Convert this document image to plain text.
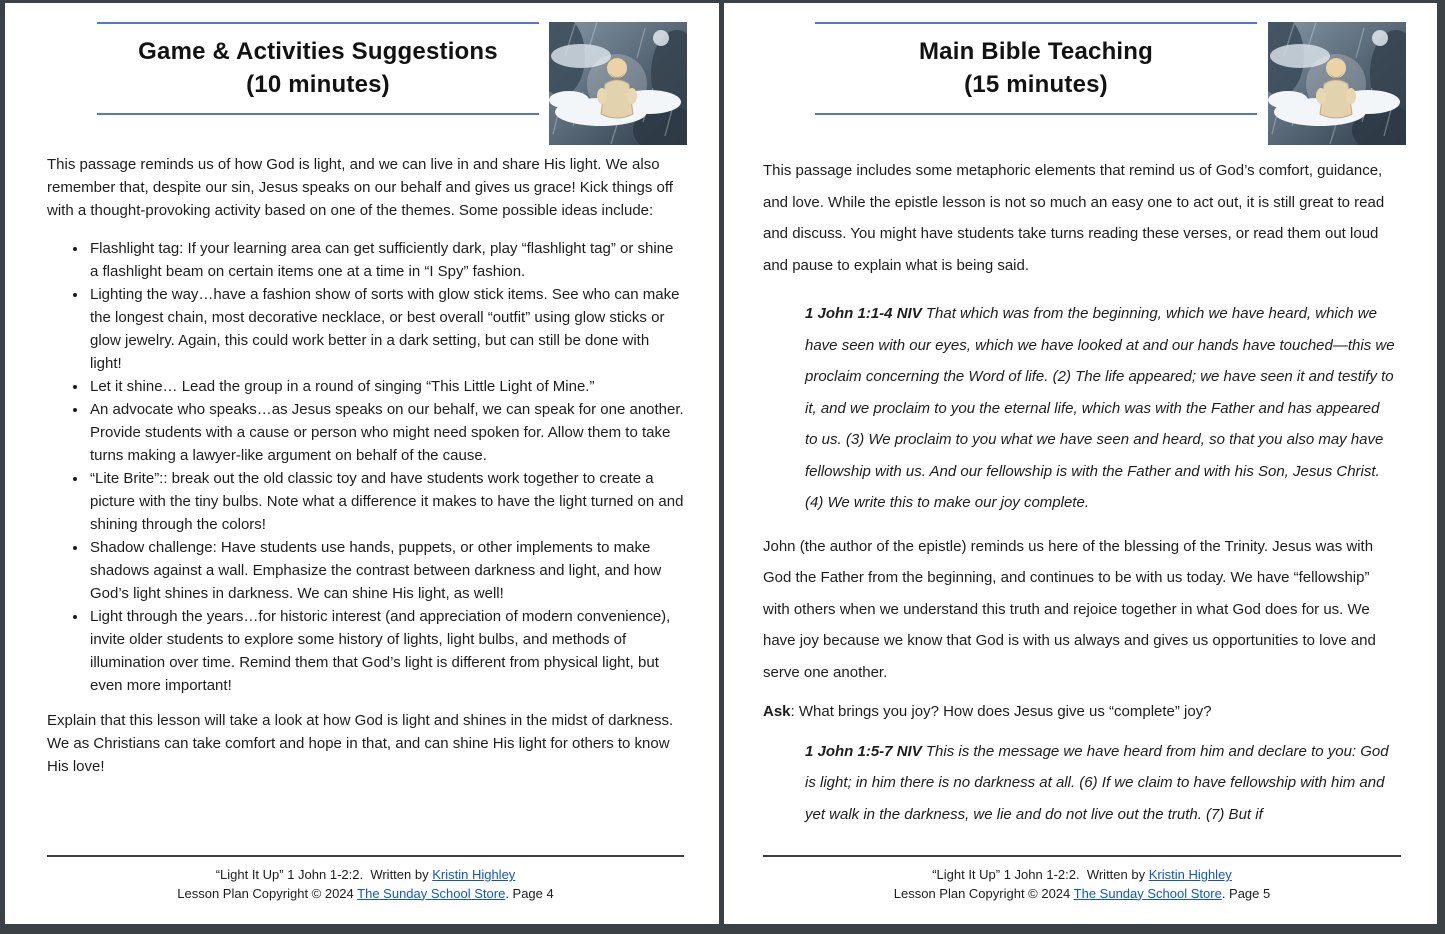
Game & Activities Suggestions
(10 minutes)

This passage reminds us of how God is light, and we can live in and share His light. We also remember that, despite our sin, Jesus speaks on our behalf and gives us grace! Kick things off with a thought-provoking activity based on one of the themes. Some possible ideas include:

• Flashlight tag: If your learning area can get sufficiently dark, play “flashlight tag” or shine a flashlight beam on certain items one at a time in “I Spy” fashion.
• Lighting the way…have a fashion show of sorts with glow stick items. See who can make the longest chain, most decorative necklace, or best overall “outfit” using glow sticks or glow jewelry. Again, this could work better in a dark setting, but can still be done with light!
• Let it shine… Lead the group in a round of singing “This Little Light of Mine.”
• An advocate who speaks…as Jesus speaks on our behalf, we can speak for one another. Provide students with a cause or person who might need spoken for. Allow them to take turns making a lawyer-like argument on behalf of the cause.
• “Lite Brite”:: break out the old classic toy and have students work together to create a picture with the tiny bulbs. Note what a difference it makes to have the light turned on and shining through the colors!
• Shadow challenge: Have students use hands, puppets, or other implements to make shadows against a wall. Emphasize the contrast between darkness and light, and how God’s light shines in darkness. We can shine His light, as well!
• Light through the years…for historic interest (and appreciation of modern convenience), invite older students to explore some history of lights, light bulbs, and methods of illumination over time. Remind them that God’s light is different from physical light, but even more important!

Explain that this lesson will take a look at how God is light and shines in the midst of darkness. We as Christians can take comfort and hope in that, and can shine His light for others to know His love!

“Light It Up” 1 John 1-2:2.  Written by Kristin Highley
Lesson Plan Copyright © 2024 The Sunday School Store. Page 4
Main Bible Teaching
(15 minutes)

This passage includes some metaphoric elements that remind us of God’s comfort, guidance, and love. While the epistle lesson is not so much an easy one to act out, it is still great to read and discuss. You might have students take turns reading these verses, or read them out loud and pause to explain what is being said.

1 John 1:1-4 NIV That which was from the beginning, which we have heard, which we have seen with our eyes, which we have looked at and our hands have touched—this we proclaim concerning the Word of life. (2) The life appeared; we have seen it and testify to it, and we proclaim to you the eternal life, which was with the Father and has appeared to us. (3) We proclaim to you what we have seen and heard, so that you also may have fellowship with us. And our fellowship is with the Father and with his Son, Jesus Christ. (4) We write this to make our joy complete.

John (the author of the epistle) reminds us here of the blessing of the Trinity. Jesus was with God the Father from the beginning, and continues to be with us today. We have “fellowship” with others when we understand this truth and rejoice together in what God does for us. We have joy because we know that God is with us always and gives us opportunities to love and serve one another.

Ask: What brings you joy? How does Jesus give us “complete” joy?

1 John 1:5-7 NIV This is the message we have heard from him and declare to you: God is light; in him there is no darkness at all. (6) If we claim to have fellowship with him and yet walk in the darkness, we lie and do not live out the truth. (7) But if

“Light It Up” 1 John 1-2:2.  Written by Kristin Highley
Lesson Plan Copyright © 2024 The Sunday School Store. Page 5
